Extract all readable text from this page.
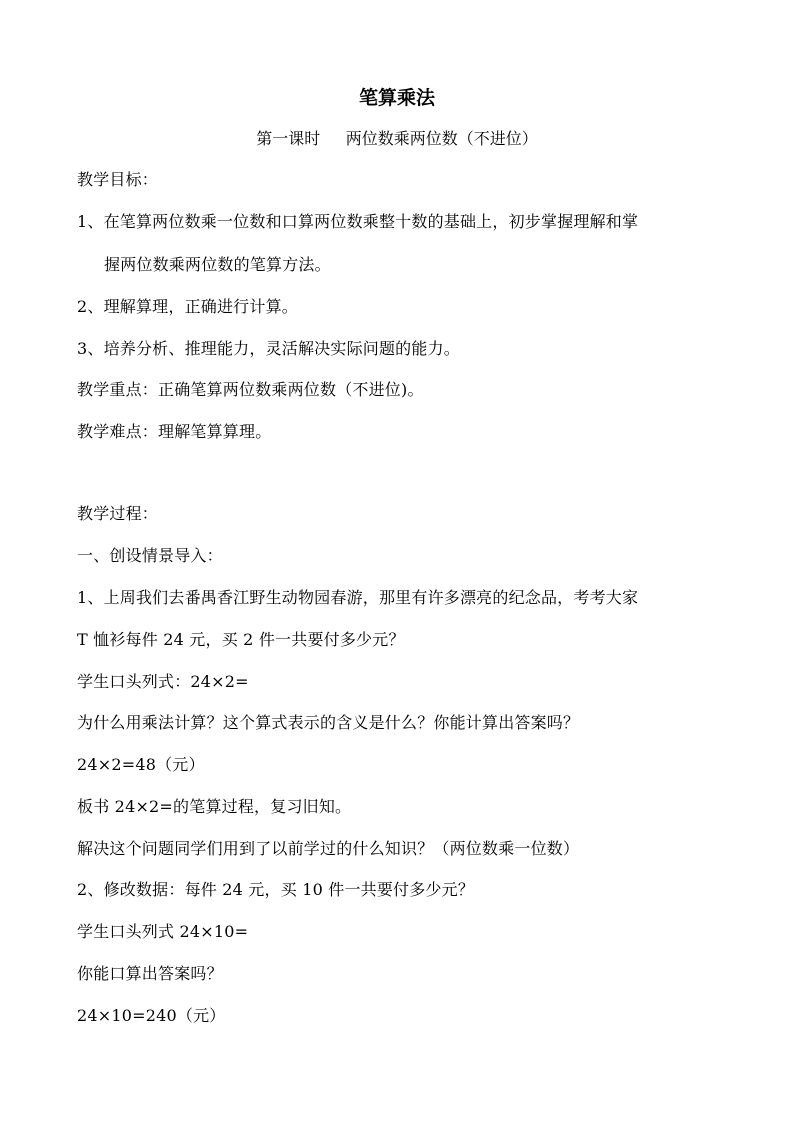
笔算乘法
第一课时     两位数乘两位数（不进位）
教学目标：
1、在笔算两位数乘一位数和口算两位数乘整十数的基础上，初步掌握理解和掌
握两位数乘两位数的笔算方法。
2、理解算理，正确进行计算。
3、培养分析、推理能力，灵活解决实际问题的能力。
教学重点：正确笔算两位数乘两位数（不进位)。
教学难点：理解笔算算理。
教学过程：
一、创设情景导入：
1、上周我们去番禺香江野生动物园春游，那里有许多漂亮的纪念品，考考大家
T 恤衫每件 24 元，买 2 件一共要付多少元？
学生口头列式：24×2=
为什么用乘法计算？这个算式表示的含义是什么？你能计算出答案吗？
24×2=48（元）
板书 24×2=的笔算过程，复习旧知。
解决这个问题同学们用到了以前学过的什么知识？（两位数乘一位数）
2、修改数据：每件 24 元，买 10 件一共要付多少元？
学生口头列式 24×10=
你能口算出答案吗？
24×10=240（元）
